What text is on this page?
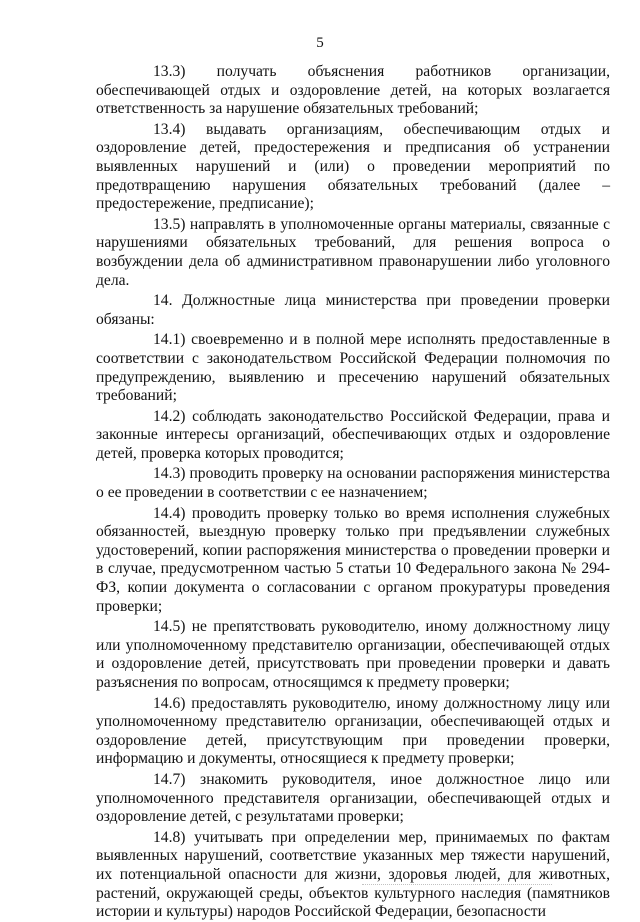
5

13.3) получать объяснения работников организации, обеспечивающей отдых и оздоровление детей, на которых возлагается ответственность за нарушение обязательных требований;

13.4) выдавать организациям, обеспечивающим отдых и оздоровление детей, предостережения и предписания об устранении выявленных нарушений и (или) о проведении мероприятий по предотвращению нарушения обязательных требований (далее – предостережение, предписание);

13.5) направлять в уполномоченные органы материалы, связанные с нарушениями обязательных требований, для решения вопроса о возбуждении дела об административном правонарушении либо уголовного дела.

14. Должностные лица министерства при проведении проверки обязаны:

14.1) своевременно и в полной мере исполнять предоставленные в соответствии с законодательством Российской Федерации полномочия по предупреждению, выявлению и пресечению нарушений обязательных требований;

14.2) соблюдать законодательство Российской Федерации, права и законные интересы организаций, обеспечивающих отдых и оздоровление детей, проверка которых проводится;

14.3) проводить проверку на основании распоряжения министерства о ее проведении в соответствии с ее назначением;

14.4) проводить проверку только во время исполнения служебных обязанностей, выездную проверку только при предъявлении служебных удостоверений, копии распоряжения министерства о проведении проверки и в случае, предусмотренном частью 5 статьи 10 Федерального закона № 294-ФЗ, копии документа о согласовании с органом прокуратуры проведения проверки;

14.5) не препятствовать руководителю, иному должностному лицу или уполномоченному представителю организации, обеспечивающей отдых и оздоровление детей, присутствовать при проведении проверки и давать разъяснения по вопросам, относящимся к предмету проверки;

14.6) предоставлять руководителю, иному должностному лицу или уполномоченному представителю организации, обеспечивающей отдых и оздоровление детей, присутствующим при проведении проверки, информацию и документы, относящиеся к предмету проверки;

14.7) знакомить руководителя, иное должностное лицо или уполномоченного представителя организации, обеспечивающей отдых и оздоровление детей, с результатами проверки;

14.8) учитывать при определении мер, принимаемых по фактам выявленных нарушений, соответствие указанных мер тяжести нарушений, их потенциальной опасности для жизни, здоровья людей, для животных, растений, окружающей среды, объектов культурного наследия (памятников истории и культуры) народов Российской Федерации, безопасности
